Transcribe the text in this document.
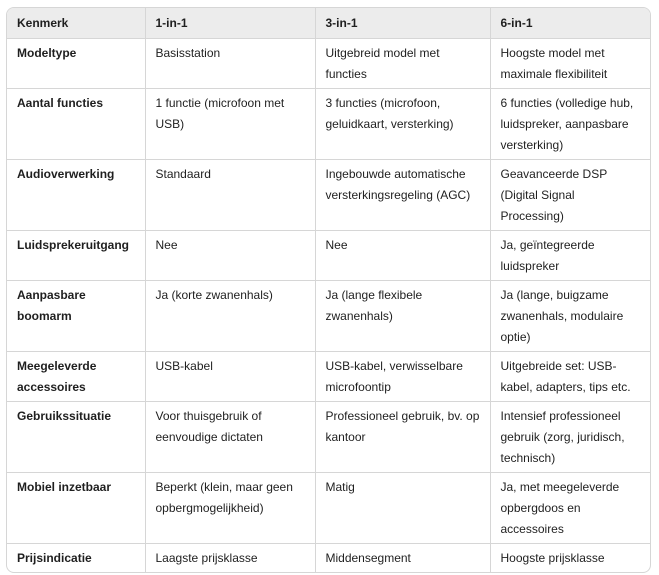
Kenmerk	1-in-1	3-in-1	6-in-1
Modeltype	Basisstation	Uitgebreid model met functies	Hoogste model met maximale flexibiliteit
Aantal functies	1 functie (microfoon met USB)	3 functies (microfoon, geluidkaart, versterking)	6 functies (volledige hub, luidspreker, aanpasbare versterking)
Audioverwerking	Standaard	Ingebouwde automatische versterkingsregeling (AGC)	Geavanceerde DSP (Digital Signal Processing)
Luidsprekeruitgang	Nee	Nee	Ja, geïntegreerde luidspreker
Aanpasbare boomarm	Ja (korte zwanenhals)	Ja (lange flexibele zwanenhals)	Ja (lange, buigzame zwanenhals, modulaire optie)
Meegeleverde accessoires	USB-kabel	USB-kabel, verwisselbare microfoontip	Uitgebreide set: USB-kabel, adapters, tips etc.
Gebruikssituatie	Voor thuisgebruik of eenvoudige dictaten	Professioneel gebruik, bv. op kantoor	Intensief professioneel gebruik (zorg, juridisch, technisch)
Mobiel inzetbaar	Beperkt (klein, maar geen opbergmogelijkheid)	Matig	Ja, met meegeleverde opbergdoos en accessoires
Prijsindicatie	Laagste prijsklasse	Middensegment	Hoogste prijsklasse
